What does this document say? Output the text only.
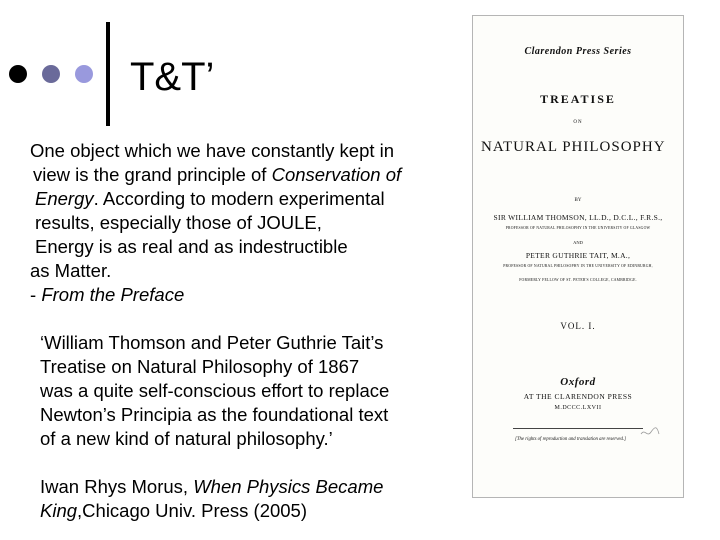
T&T’
One object which we have constantly kept in
view is the grand principle of Conservation of
Energy. According to modern experimental
results, especially those of JOULE,
Energy is as real and as indestructible
as Matter.
- From the Preface
‘William Thomson and Peter Guthrie Tait’s
Treatise on Natural Philosophy of 1867
was a quite self-conscious effort to replace
Newton’s Principia as the foundational text
of a new kind of natural philosophy.’
Iwan Rhys Morus, When Physics Became
King,Chicago Univ. Press (2005)
Clarendon Press Series
TREATISE
ON
NATURAL PHILOSOPHY
BY
SIR WILLIAM THOMSON, LL.D., D.C.L., F.R.S.,
PROFESSOR OF NATURAL PHILOSOPHY IN THE UNIVERSITY OF GLASGOW
AND
PETER GUTHRIE TAIT, M.A.,
PROFESSOR OF NATURAL PHILOSOPHY IN THE UNIVERSITY OF EDINBURGH,
FORMERLY FELLOW OF ST. PETER'S COLLEGE, CAMBRIDGE.
VOL. I.
Oxford
AT THE CLARENDON PRESS
M.DCCC.LXVII
[The rights of reproduction and translation are reserved.]
